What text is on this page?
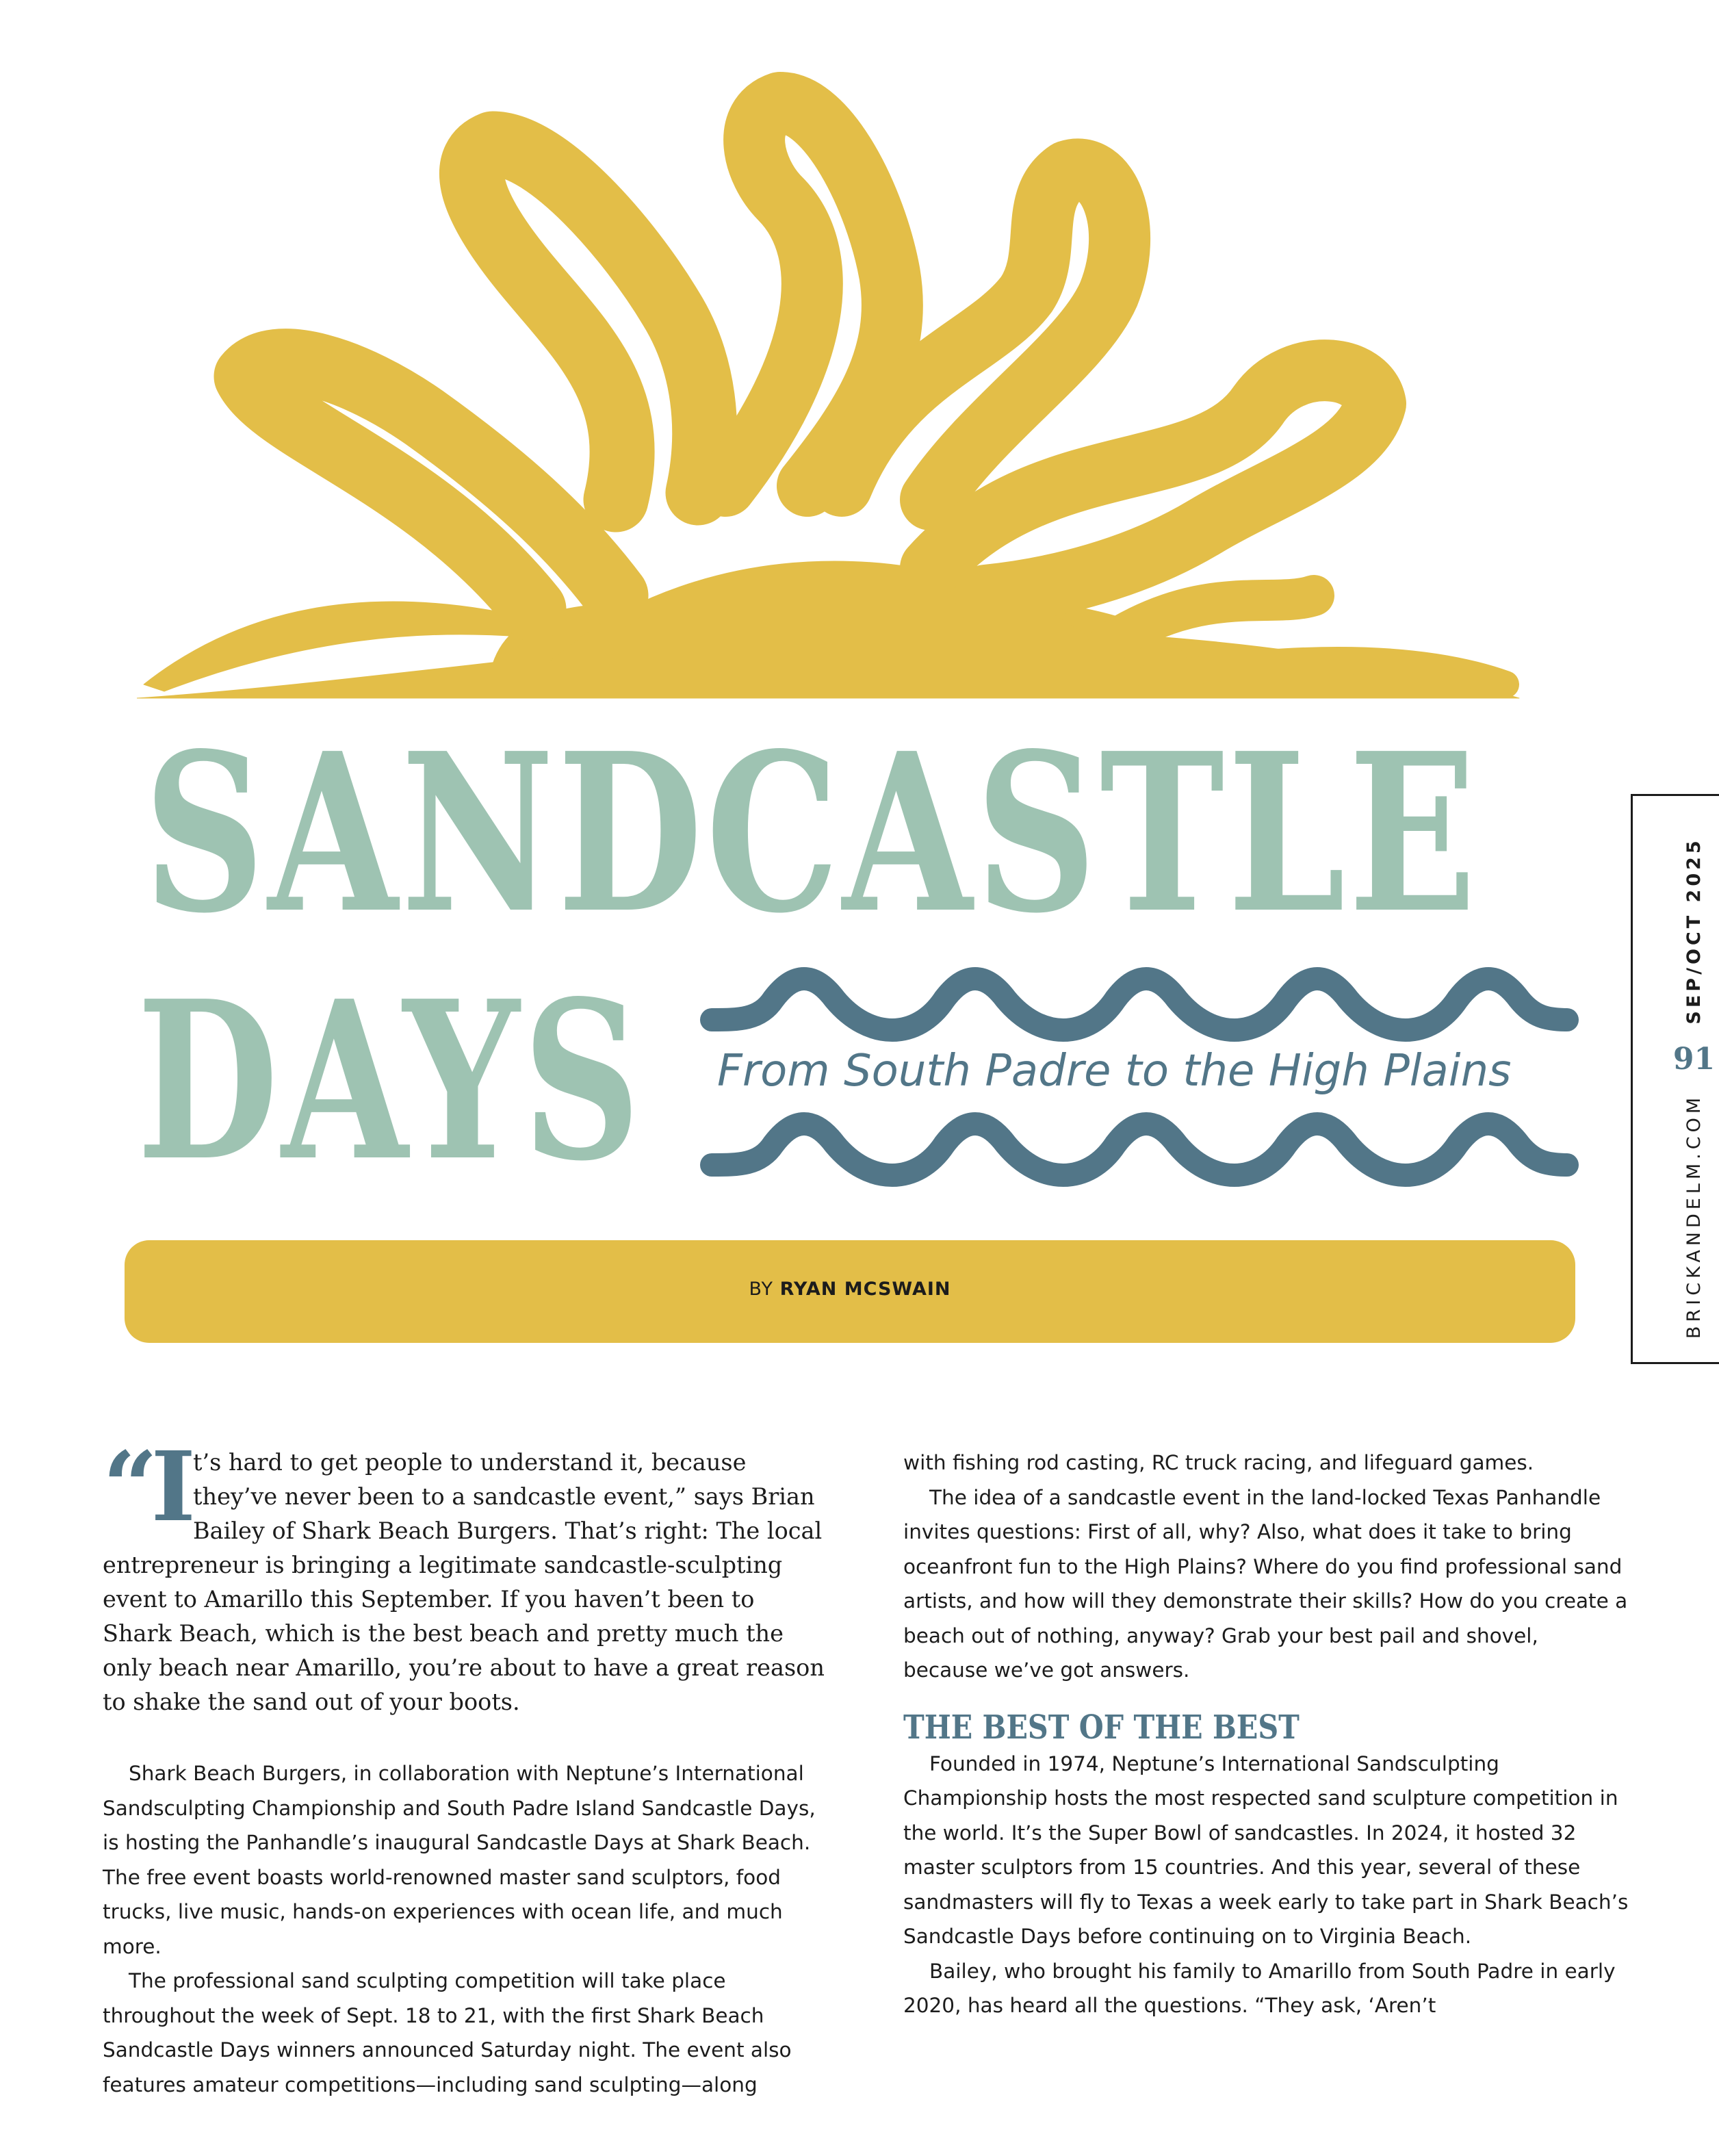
SANDCASTLE
DAYS From South Padre to the High Plains
BY RYAN MCSWAIN	BRICKANDELM.COM
91
SEP/OCT 2025

“I t’s hard to get people to understand it, because they’ve never been to a sandcastle event,” says Brian Bailey of Shark Beach Burgers. That’s right: The local entrepreneur is bringing a legitimate sandcastle-sculpting event to Amarillo this September. If you haven’t been to Shark Beach, which is the best beach and pretty much the only beach near Amarillo, you’re about to have a great reason to shake the sand out of your boots.

Shark Beach Burgers, in collaboration with Neptune’s International Sandsculpting Championship and South Padre Island Sandcastle Days, is hosting the Panhandle’s inaugural Sandcastle Days at Shark Beach. The free event boasts world-renowned master sand sculptors, food trucks, live music, hands-on experiences with ocean life, and much more.

The professional sand sculpting competition will take place throughout the week of Sept. 18 to 21, with the first Shark Beach Sandcastle Days winners announced Saturday night. The event also features amateur competitions—including sand sculpting—along

with fishing rod casting, RC truck racing, and lifeguard games.

The idea of a sandcastle event in the land-locked Texas Panhandle invites questions: First of all, why? Also, what does it take to bring oceanfront fun to the High Plains? Where do you find professional sand artists, and how will they demonstrate their skills? How do you create a beach out of nothing, anyway? Grab your best pail and shovel, because we’ve got answers.

THE BEST OF THE BEST

Founded in 1974, Neptune’s International Sandsculpting Championship hosts the most respected sand sculpture competition in the world. It’s the Super Bowl of sandcastles. In 2024, it hosted 32 master sculptors from 15 countries. And this year, several of these sandmasters will fly to Texas a week early to take part in Shark Beach’s Sandcastle Days before continuing on to Virginia Beach.

Bailey, who brought his family to Amarillo from South Padre in early 2020, has heard all the questions. “They ask, ‘Aren’t
